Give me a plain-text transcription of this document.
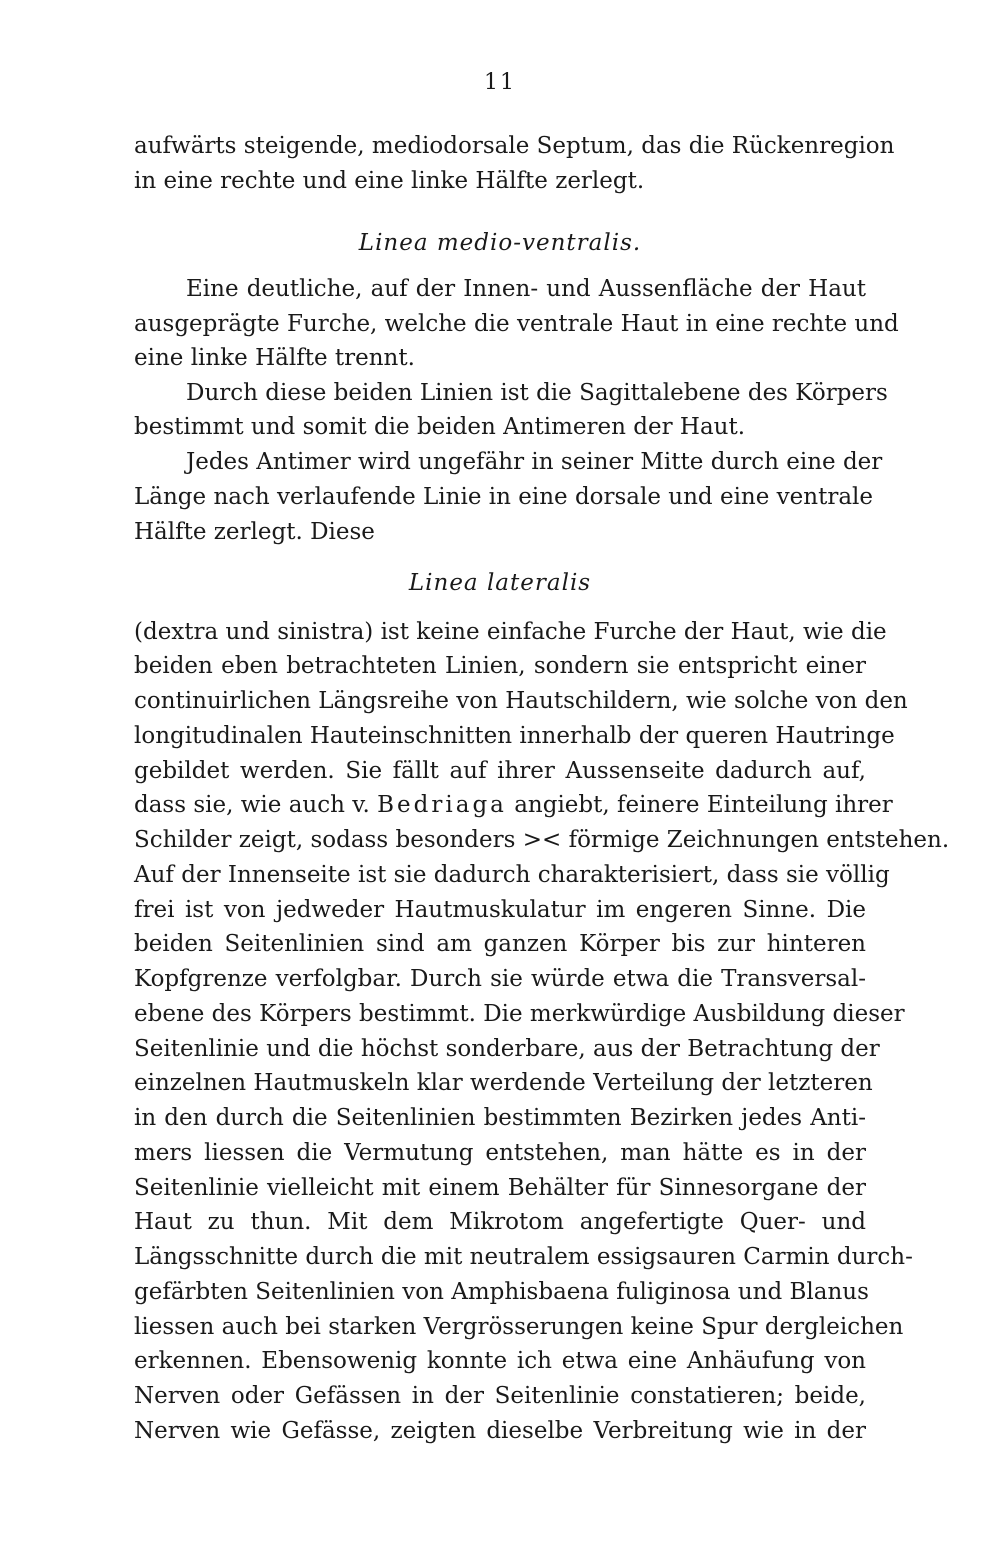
11
aufwärts steigende, mediodorsale Septum, das die Rückenregion
in eine rechte und eine linke Hälfte zerlegt.
Linea medio-ventralis.
Eine deutliche, auf der Innen- und Aussenfläche der Haut
ausgeprägte Furche, welche die ventrale Haut in eine rechte und
eine linke Hälfte trennt.
Durch diese beiden Linien ist die Sagittalebene des Körpers
bestimmt und somit die beiden Antimeren der Haut.
Jedes Antimer wird ungefähr in seiner Mitte durch eine der
Länge nach verlaufende Linie in eine dorsale und eine ventrale
Hälfte zerlegt. Diese
Linea lateralis
(dextra und sinistra) ist keine einfache Furche der Haut, wie die
beiden eben betrachteten Linien, sondern sie entspricht einer
continuirlichen Längsreihe von Hautschildern, wie solche von den
longitudinalen Hauteinschnitten innerhalb der queren Hautringe
gebildet werden. Sie fällt auf ihrer Aussenseite dadurch auf,
dass sie, wie auch v. Bedriaga angiebt, feinere Einteilung ihrer
Schilder zeigt, sodass besonders >< förmige Zeichnungen entstehen.
Auf der Innenseite ist sie dadurch charakterisiert, dass sie völlig
frei ist von jedweder Hautmuskulatur im engeren Sinne. Die
beiden Seitenlinien sind am ganzen Körper bis zur hinteren
Kopfgrenze verfolgbar. Durch sie würde etwa die Transversal-
ebene des Körpers bestimmt. Die merkwürdige Ausbildung dieser
Seitenlinie und die höchst sonderbare, aus der Betrachtung der
einzelnen Hautmuskeln klar werdende Verteilung der letzteren
in den durch die Seitenlinien bestimmten Bezirken jedes Anti-
mers liessen die Vermutung entstehen, man hätte es in der
Seitenlinie vielleicht mit einem Behälter für Sinnesorgane der
Haut zu thun. Mit dem Mikrotom angefertigte Quer- und
Längsschnitte durch die mit neutralem essigsauren Carmin durch-
gefärbten Seitenlinien von Amphisbaena fuliginosa und Blanus
liessen auch bei starken Vergrösserungen keine Spur dergleichen
erkennen. Ebensowenig konnte ich etwa eine Anhäufung von
Nerven oder Gefässen in der Seitenlinie constatieren; beide,
Nerven wie Gefässe, zeigten dieselbe Verbreitung wie in der
